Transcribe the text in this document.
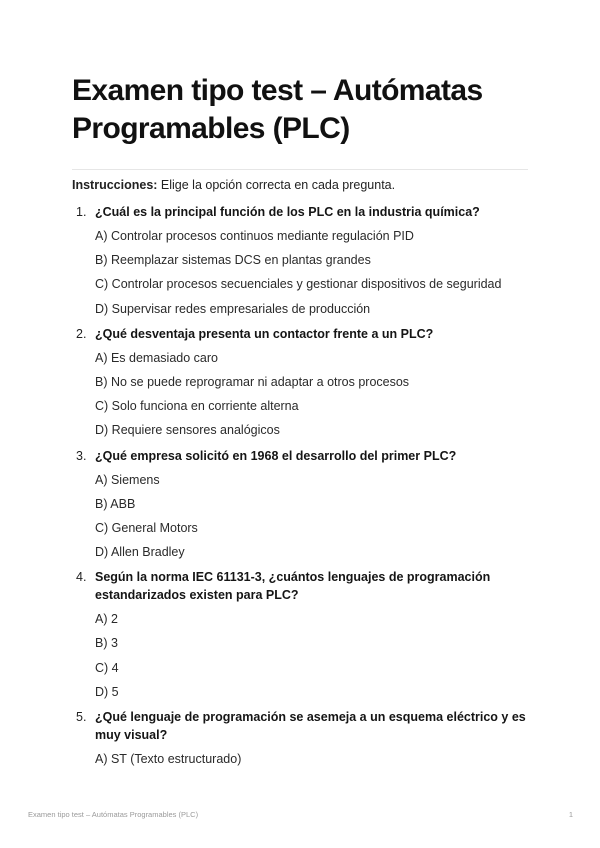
Examen tipo test – Autómatas Programables (PLC)
Instrucciones: Elige la opción correcta en cada pregunta.
1. ¿Cuál es la principal función de los PLC en la industria química?

A) Controlar procesos continuos mediante regulación PID
B) Reemplazar sistemas DCS en plantas grandes
C) Controlar procesos secuenciales y gestionar dispositivos de seguridad
D) Supervisar redes empresariales de producción
2. ¿Qué desventaja presenta un contactor frente a un PLC?

A) Es demasiado caro
B) No se puede reprogramar ni adaptar a otros procesos
C) Solo funciona en corriente alterna
D) Requiere sensores analógicos
3. ¿Qué empresa solicitó en 1968 el desarrollo del primer PLC?

A) Siemens
B) ABB
C) General Motors
D) Allen Bradley
4. Según la norma IEC 61131-3, ¿cuántos lenguajes de programación estandarizados existen para PLC?

A) 2
B) 3
C) 4
D) 5
5. ¿Qué lenguaje de programación se asemeja a un esquema eléctrico y es muy visual?

A) ST (Texto estructurado)
Examen tipo test – Autómatas Programables (PLC)	1
